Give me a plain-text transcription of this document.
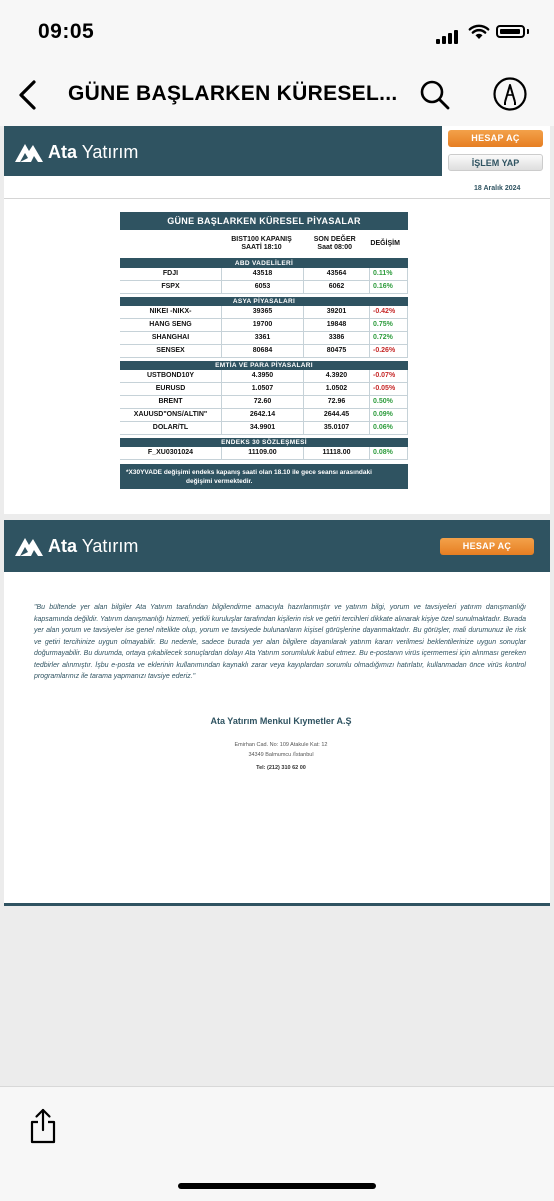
09:05
GÜNE BAŞLARKEN KÜRESEL...
Ata Yatırım
HESAP AÇ
İŞLEM YAP
18 Aralık 2024
GÜNE BAŞLARKEN KÜRESEL PİYASALAR
BIST100 KAPANIŞ
SAATİ 18:10
SON DEĞER
Saat 08:00
DEĞİŞİM
ABD VADELİLERİ
FDJI	43518	43564	0.11%
FSPX	6053	6062	0.16%
ASYA PİYASALARI
NIKEI -NIKX-	39365	39201	-0.42%
HANG SENG	19700	19848	0.75%
SHANGHAI	3361	3386	0.72%
SENSEX	80684	80475	-0.26%
EMTİA VE PARA PİYASALARI
USTBOND10Y	4.3950	4.3920	-0.07%
EURUSD	1.0507	1.0502	-0.05%
BRENT	72.60	72.96	0.50%
XAUUSD"ONS/ALTIN"	2642.14	2644.45	0.09%
DOLAR/TL	34.9901	35.0107	0.06%
ENDEKS 30 SÖZLEŞMESİ
F_XU0301024	11109.00	11118.00	0.08%
*X30YVADE değişimi endeks kapanış saati olan 18.10 ile gece seansı arasındaki
değişimi vermektedir.
Ata Yatırım	HESAP AÇ
"Bu bültende yer alan bilgiler Ata Yatırım tarafından bilgilendirme amacıyla hazırlanmıştır ve yatırım bilgi, yorum ve tavsiyeleri yatırım danışmanlığı kapsamında değildir. Yatırım danışmanlığı hizmeti, yetkili kuruluşlar tarafından kişilerin risk ve getiri tercihleri dikkate alınarak kişiye özel sunulmaktadır. Burada yer alan yorum ve tavsiyeler ise genel nitelikte olup, yorum ve tavsiyede bulunanların kişisel görüşlerine dayanmaktadır. Bu görüşler, mali durumunuz ile risk ve getiri tercihinize uygun olmayabilir. Bu nedenle, sadece burada yer alan bilgilere dayanılarak yatırım kararı verilmesi beklentilerinize uygun sonuçlar doğurmayabilir. Bu durumda, ortaya çıkabilecek sonuçlardan dolayı Ata Yatırım sorumluluk kabul etmez. Bu e-postanın virüs içermemesi için alınması gereken tedbirler alınmıştır. İşbu e-posta ve eklerinin kullanımından kaynaklı zarar veya kayıplardan sorumlu olmadığımızı hatırlatır, kullanmadan önce virüs kontrol programlarınız ile tarama yapmanızı tavsiye ederiz."
Ata Yatırım Menkul Kıymetler A.Ş
Emirhan Cad. No: 109 Atakule Kat: 12
34349 Balmumcu /İstanbul
Tel: (212) 310 62 00
